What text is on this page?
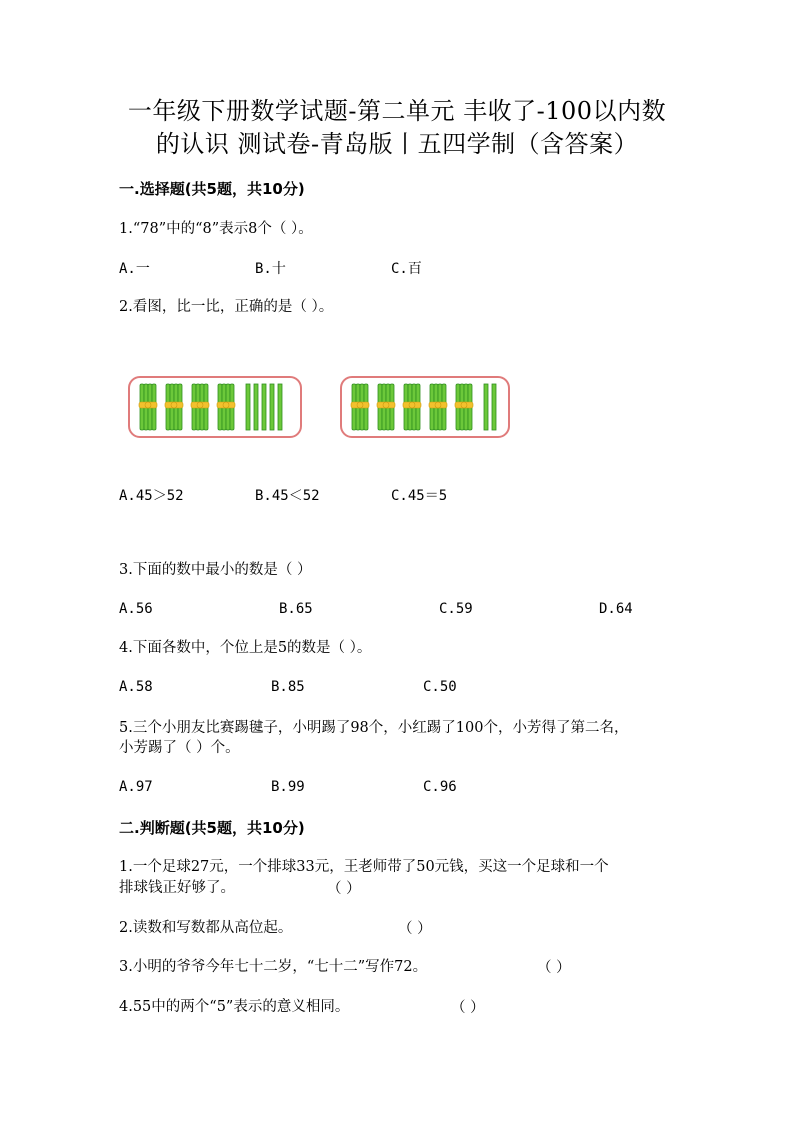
一年级下册数学试题-第二单元 丰收了-100以内数
的认识 测试卷-青岛版丨五四学制（含答案）
一.选择题(共5题，共10分)
1.“78”中的“8”表示8个（ ）。
A.一	B.十	C.百
2.看图，比一比，正确的是（ ）。
A.45＞52	B.45＜52	C.45＝5
3.下面的数中最小的数是（ ）
A.56	B.65	C.59	D.64
4.下面各数中，个位上是5的数是（ ）。
A.58	B.85	C.50
5.三个小朋友比赛踢毽子，小明踢了98个，小红踢了100个，小芳得了第二名，
小芳踢了（ ）个。
A.97	B.99	C.96
二.判断题(共5题，共10分)
1.一个足球27元，一个排球33元，王老师带了50元钱，买这一个足球和一个
排球钱正好够了。	（ ）
2.读数和写数都从高位起。	（ ）
3.小明的爷爷今年七十二岁，“七十二”写作72。	（ ）
4.55中的两个“5”表示的意义相同。	（ ）
